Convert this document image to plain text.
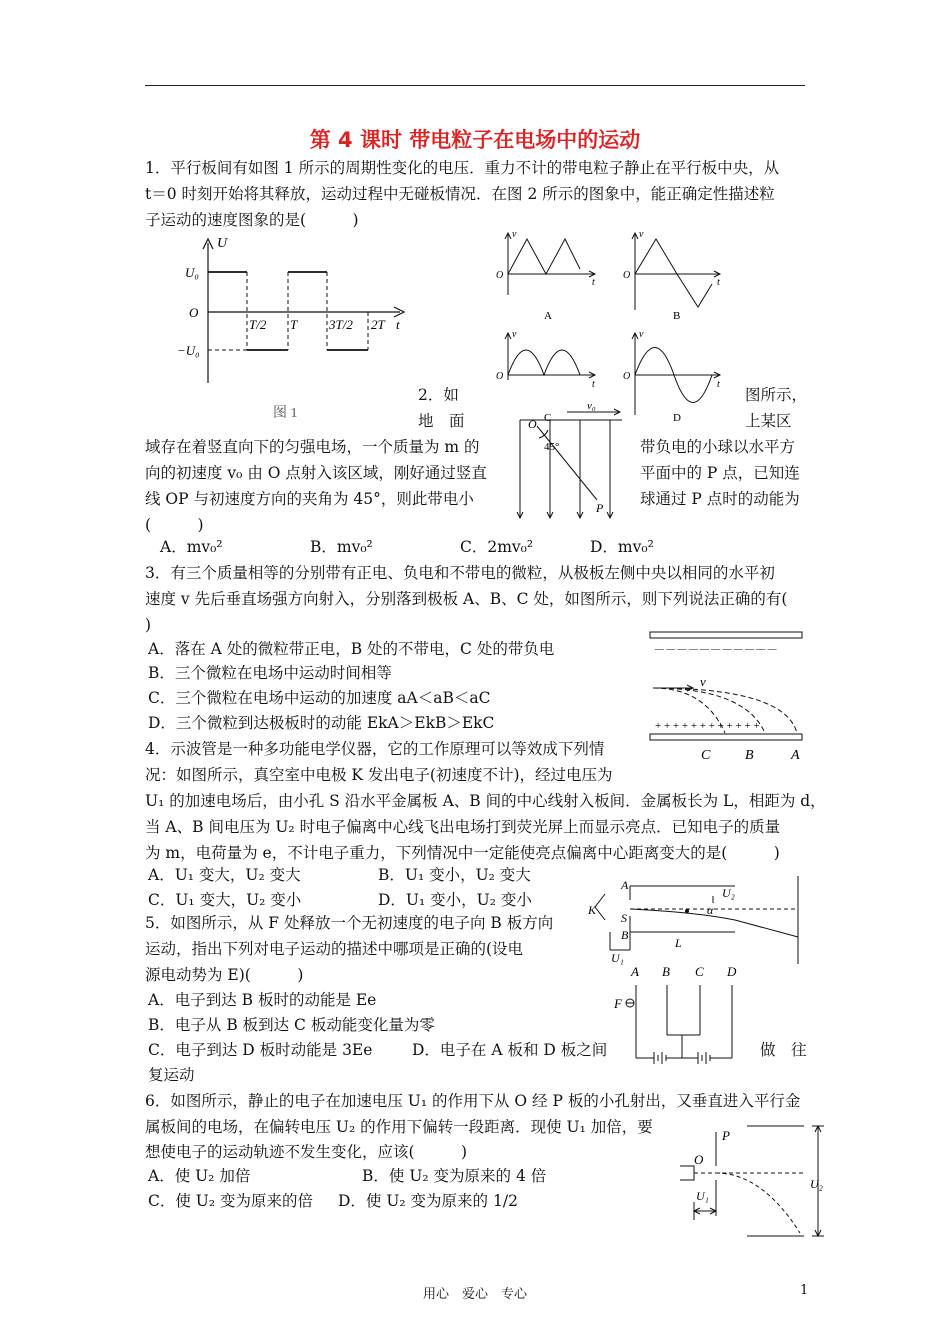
第 4 课时 带电粒子在电场中的运动
1．平行板间有如图 1 所示的周期性变化的电压．重力不计的带电粒子静止在平行板中央，从
t＝0 时刻开始将其释放，运动过程中无碰板情况．在图 2 所示的图象中，能正确定性描述粒
子运动的速度图象的是(　　　)
U
U₀
O
−U₀
T/2 T 3T/2 2T t
图 1
v
O
t
v
O
t
v
O
t
v
O
t
A	B
C	D
2．如	图所示，
地　面	上某区
域存在着竖直向下的匀强电场，一个质量为 m 的	带负电的小球以水平方
向的初速度 v₀ 由 O 点射入该区域，刚好通过竖直	平面中的 P 点，已知连
线 OP 与初速度方向的夹角为 45°，则此带电小	球通过 P 点时的动能为
(　　　)
O
v₀
45°
P
A．mv₀²	B．mv₀²	C．2mv₀²	D．mv₀²
3．有三个质量相等的分别带有正电、负电和不带电的微粒，从极板左侧中央以相同的水平初
速度 v 先后垂直场强方向射入，分别落到极板 A、B、C 处，如图所示，则下列说法正确的有(
)
A．落在 A 处的微粒带正电，B 处的不带电，C 处的带负电
B．三个微粒在电场中运动时间相等
C．三个微粒在电场中运动的加速度 aA＜aB＜aC
D．三个微粒到达极板时的动能 EkA＞EkB＞EkC
— — — — — — — — — — —
+ + + + + + + + + + + +
v
C B	A
4．示波管是一种多功能电学仪器，它的工作原理可以等效成下列情
况：如图所示，真空室中电极 K 发出电子(初速度不计)，经过电压为
U₁ 的加速电场后，由小孔 S 沿水平金属板 A、B 间的中心线射入板间．金属板长为 L，相距为 d，
当 A、B 间电压为 U₂ 时电子偏离中心线飞出电场打到荧光屏上而显示亮点．已知电子的质量
为 m，电荷量为 e，不计电子重力，下列情况中一定能使亮点偏离中心距离变大的是(　　　)
A．U₁ 变大，U₂ 变大	B．U₁ 变小，U₂ 变大
C．U₁ 变大，U₂ 变小	D．U₁ 变小，U₂ 变小
A
U₂
K
S
α
B
L
U₁
5．如图所示，从 F 处释放一个无初速度的电子向 B 板方向
运动，指出下列对电子运动的描述中哪项是正确的(设电
源电动势为 E)(　　　)
A．电子到达 B 板时的动能是 Ee
B．电子从 B 板到达 C 板动能变化量为零
C．电子到达 D 板时动能是 3Ee	D．电子在 A 板和 D 板之间	做　往
复运动
A B C D
F
6．如图所示，静止的电子在加速电压 U₁ 的作用下从 O 经 P 板的小孔射出，又垂直进入平行金
属板间的电场，在偏转电压 U₂ 的作用下偏转一段距离．现使 U₁ 加倍，要
想使电子的运动轨迹不发生变化，应该(　　　)
A．使 U₂ 加倍	B．使 U₂ 变为原来的 4 倍
C．使 U₂ 变为原来的倍 D．使 U₂ 变为原来的 1/2
P
O
U₁
U₂
用心　爱心　专心	1
